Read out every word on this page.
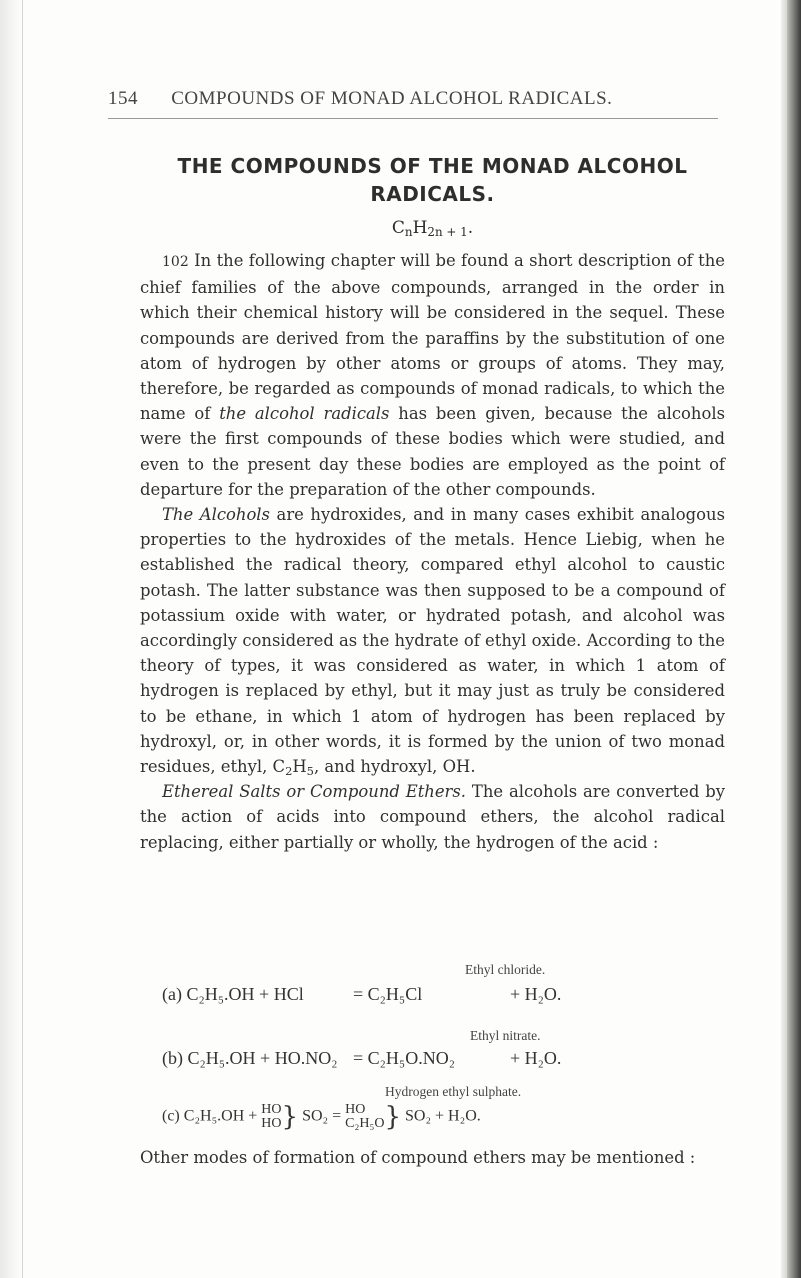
154 COMPOUNDS OF MONAD ALCOHOL RADICALS.
THE COMPOUNDS OF THE MONAD ALCOHOL
RADICALS.
$C_nH_{2n + 1}$.

102 In the following chapter will be found a short description of the chief families of the above compounds, arranged in the order in which their chemical history will be considered in the sequel. These compounds are derived from the paraffins by the substitution of one atom of hydrogen by other atoms or groups of atoms. They may, therefore, be regarded as compounds of monad radicals, to which the name of the alcohol radicals has been given, because the alcohols were the first compounds of these bodies which were studied, and even to the present day these bodies are employed as the point of departure for the preparation of the other compounds.

The Alcohols are hydroxides, and in many cases exhibit analogous properties to the hydroxides of the metals. Hence Liebig, when he established the radical theory, compared ethyl alcohol to caustic potash. The latter substance was then supposed to be a compound of potassium oxide with water, or hydrated potash, and alcohol was accordingly considered as the hydrate of ethyl oxide. According to the theory of types, it was considered as water, in which 1 atom of hydrogen is replaced by ethyl, but it may just as truly be considered to be ethane, in which 1 atom of hydrogen has been replaced by hydroxyl, or, in other words, it is formed by the union of two monad residues, ethyl, $C_2H_5$, and hydroxyl, OH.

Ethereal Salts or Compound Ethers. The alcohols are converted by the action of acids into compound ethers, the alcohol radical replacing, either partially or wholly, the hydrogen of the acid :

Ethyl chloride.
(a) C₂H₅.OH + HCl	= C₂H₅Cl	+ H₂O.
Ethyl nitrate.
(b) C₂H₅.OH + HO.NO₂ = C₂H₅O.NO₂	+ H₂O.
Hydrogen ethyl sulphate.
(c) C₂H₅.OH + HO
HO } SO₂ = HO
C₂H₅O } SO₂ + H₂O.
Other modes of formation of compound ethers may be mentioned :
